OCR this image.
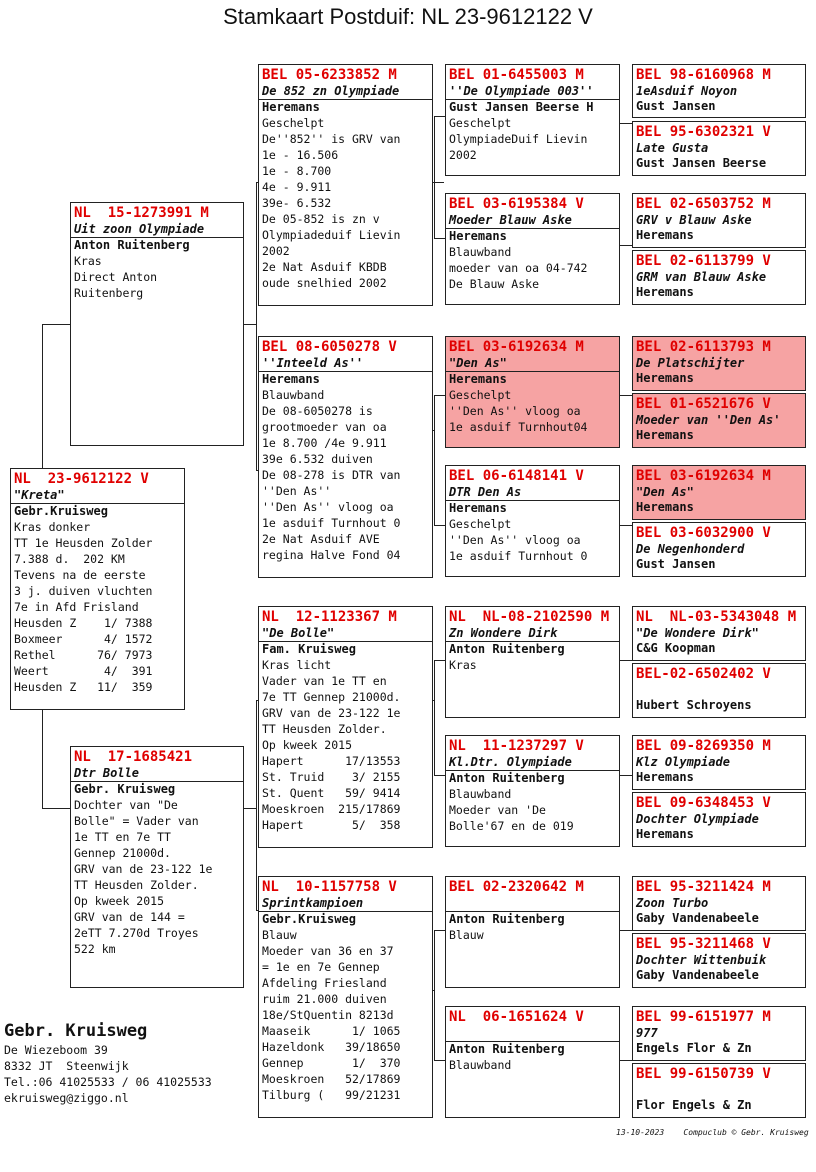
Stamkaart Postduif: NL 23-9612122 V
NL  23-9612122 V
"Kreta"
Gebr.Kruisweg
Kras donker
TT 1e Heusden Zolder
7.388 d.  202 KM
Tevens na de eerste
3 j. duiven vluchten
7e in Afd Frisland
Heusden Z    1/ 7388
Boxmeer      4/ 1572
Rethel      76/ 7973
Weert        4/  391
Heusden Z   11/  359
NL  15-1273991 M
Uit zoon Olympiade
Anton Ruitenberg
Kras
Direct Anton
Ruitenberg
NL  17-1685421
Dtr Bolle
Gebr. Kruisweg
Dochter van "De
Bolle" = Vader van
1e TT en 7e TT
Gennep 21000d.
GRV van de 23-122 1e
TT Heusden Zolder.
Op kweek 2015
GRV van de 144 =
2eTT 7.270d Troyes
522 km
BEL 05-6233852 M
De 852 zn Olympiade
Heremans
Geschelpt
De''852'' is GRV van
1e - 16.506
1e - 8.700
4e - 9.911
39e- 6.532
De 05-852 is zn v
Olympiadeduif Lievin
2002
2e Nat Asduif KBDB
oude snelhied 2002
BEL 08-6050278 V
''Inteeld As''
Heremans
Blauwband
De 08-6050278 is
grootmoeder van oa
1e 8.700 /4e 9.911
39e 6.532 duiven
De 08-278 is DTR van
''Den As''
''Den As'' vloog oa
1e asduif Turnhout 0
2e Nat Asduif AVE
regina Halve Fond 04
NL  12-1123367 M
"De Bolle"
Fam. Kruisweg
Kras licht
Vader van 1e TT en
7e TT Gennep 21000d.
GRV van de 23-122 1e
TT Heusden Zolder.
Op kweek 2015
Hapert      17/13553
St. Truid    3/ 2155
St. Quent   59/ 9414
Moeskroen  215/17869
Hapert       5/  358
NL  10-1157758 V
Sprintkampioen
Gebr.Kruisweg
Blauw
Moeder van 36 en 37
= 1e en 7e Gennep
Afdeling Friesland
ruim 21.000 duiven
18e/StQuentin 8213d
Maaseik      1/ 1065
Hazeldonk   39/18650
Gennep       1/  370
Moeskroen   52/17869
Tilburg (   99/21231
BEL 01-6455003 M
''De Olympiade 003''
Gust Jansen Beerse H
Geschelpt
OlympiadeDuif Lievin
2002
BEL 03-6195384 V
Moeder Blauw Aske
Heremans
Blauwband
moeder van oa 04-742
De Blauw Aske
BEL 03-6192634 M
"Den As"
Heremans
Geschelpt
''Den As'' vloog oa
1e asduif Turnhout04
BEL 06-6148141 V
DTR Den As
Heremans
Geschelpt
''Den As'' vloog oa
1e asduif Turnhout 0
NL  NL-08-2102590 M
Zn Wondere Dirk
Anton Ruitenberg
Kras
NL  11-1237297 V
Kl.Dtr. Olympiade
Anton Ruitenberg
Blauwband
Moeder van 'De
Bolle'67 en de 019
BEL 02-2320642 M
Anton Ruitenberg
Blauw
NL  06-1651624 V
Anton Ruitenberg
Blauwband
BEL 98-6160968 M
1eAsduif Noyon
Gust Jansen
BEL 95-6302321 V
Late Gusta
Gust Jansen Beerse
BEL 02-6503752 M
GRV v Blauw Aske
Heremans
BEL 02-6113799 V
GRM van Blauw Aske
Heremans
BEL 02-6113793 M
De Platschijter
Heremans
BEL 01-6521676 V
Moeder van ''Den As'
Heremans
BEL 03-6192634 M
"Den As"
Heremans
BEL 03-6032900 V
De Negenhonderd
Gust Jansen
NL  NL-03-5343048 M
"De Wondere Dirk"
C&G Koopman
BEL-02-6502402 V
Hubert Schroyens
BEL 09-8269350 M
Klz Olympiade
Heremans
BEL 09-6348453 V
Dochter Olympiade
Heremans
BEL 95-3211424 M
Zoon Turbo
Gaby Vandenabeele
BEL 95-3211468 V
Dochter Wittenbuik
Gaby Vandenabeele
BEL 99-6151977 M
977
Engels Flor & Zn
BEL 99-6150739 V
Flor Engels & Zn
Gebr. Kruisweg
De Wiezeboom 39
8332 JT  Steenwijk
Tel.:06 41025533 / 06 41025533
ekruisweg@ziggo.nl
13-10-2023    Compuclub © Gebr. Kruisweg
